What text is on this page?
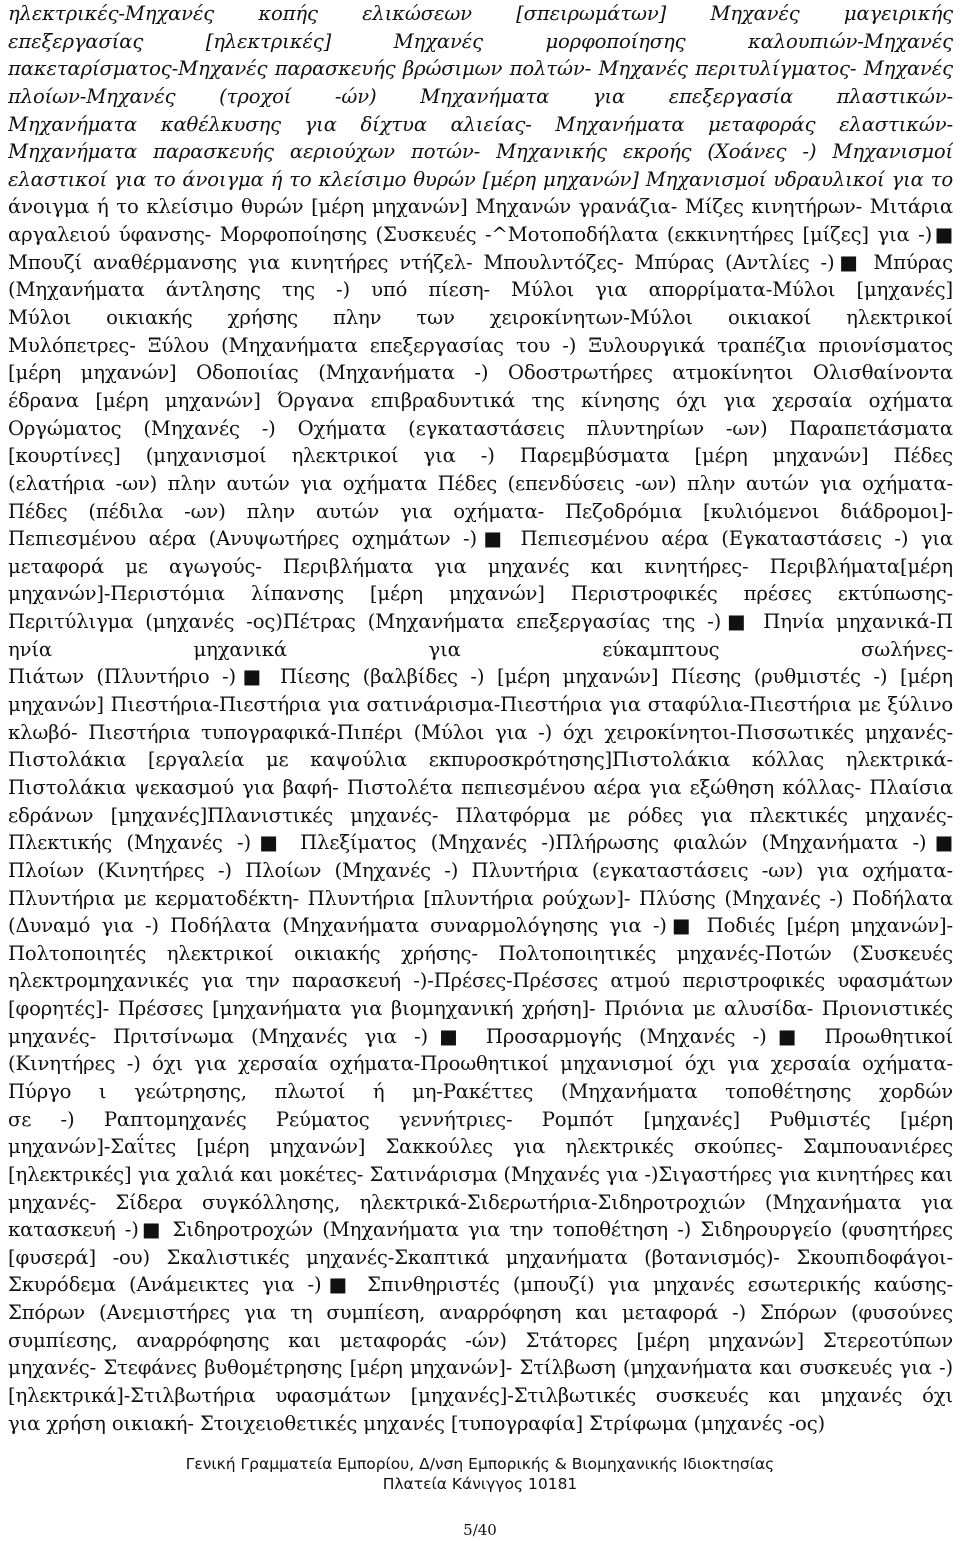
ηλεκτρικές-Μηχανές κοπής ελικώσεων [σπειρωμάτων] Μηχανές μαγειρικής
επεξεργασίας [ηλεκτρικές] Μηχανές μορφοποίησης καλουπιών-Μηχανές
πακεταρίσματος-Μηχανές παρασκευής βρώσιμων πολτών- Μηχανές περιτυλίγματος- Μηχανές
πλοίων-Μηχανές (τροχοί -ών) Μηχανήματα για επεξεργασία πλαστικών-
Μηχανήματα καθέλκυσης για δίχτυα αλιείας- Μηχανήματα μεταφοράς ελαστικών-
Μηχανήματα παρασκευής αεριούχων ποτών- Μηχανικής εκροής (Χοάνες -) Μηχανισμοί
ελαστικοί για το άνοιγμα ή το κλείσιμο θυρών [μέρη μηχανών] Μηχανισμοί υδραυλικοί για το
άνοιγμα ή το κλείσιμο θυρών [μέρη μηχανών] Μηχανών γρανάζια- Μίζες κινητήρων- Μιτάρια
αργαλειού ύφανσης- Μορφοποίησης (Συσκευές -^Μοτοποδήλατα (εκκινητήρες [μίζες] για -)■
Μπουζί αναθέρμανσης για κινητήρες ντήζελ- Μπουλντόζες- Μπύρας (Αντλίες -)■ Μπύρας
(Μηχανήματα άντλησης της -) υπό πίεση- Μύλοι για απορρίματα-Μύλοι [μηχανές]
Μύλοι οικιακής χρήσης πλην των χειροκίνητων-Μύλοι οικιακοί ηλεκτρικοί
Μυλόπετρες- Ξύλου (Μηχανήματα επεξεργασίας του -) Ξυλουργικά τραπέζια πριονίσματος
[μέρη μηχανών] Οδοποιίας (Μηχανήματα -) Οδοστρωτήρες ατμοκίνητοι Ολισθαίνοντα
έδρανα [μέρη μηχανών] Όργανα επιβραδυντικά της κίνησης όχι για χερσαία οχήματα
Οργώματος (Μηχανές -) Οχήματα (εγκαταστάσεις πλυντηρίων -ων) Παραπετάσματα
[κουρτίνες] (μηχανισμοί ηλεκτρικοί για -) Παρεμβύσματα [μέρη μηχανών] Πέδες
(ελατήρια -ων) πλην αυτών για οχήματα Πέδες (επενδύσεις -ων) πλην αυτών για οχήματα-
Πέδες (πέδιλα -ων) πλην αυτών για οχήματα- Πεζοδρόμια [κυλιόμενοι διάδρομοι]-
Πεπιεσμένου αέρα (Ανυψωτήρες οχημάτων -)■ Πεπιεσμένου αέρα (Εγκαταστάσεις -) για
μεταφορά με αγωγούς- Περιβλήματα για μηχανές και κινητήρες- Περιβλήματα[μέρη
μηχανών]-Περιστόμια λίπανσης [μέρη μηχανών] Περιστροφικές πρέσες εκτύπωσης-
Περιτύλιγμα (μηχανές -ος)Πέτρας (Μηχανήματα επεξεργασίας της -)■ Πηνία μηχανικά-Π
ηνία μηχανικά για εύκαμπτους σωλήνες-
Πιάτων (Πλυντήριο -)■ Πίεσης (βαλβίδες -) [μέρη μηχανών] Πίεσης (ρυθμιστές -) [μέρη
μηχανών] Πιεστήρια-Πιεστήρια για σατινάρισμα-Πιεστήρια για σταφύλια-Πιεστήρια με ξύλινο
κλωβό- Πιεστήρια τυπογραφικά-Πιπέρι (Μύλοι για -) όχι χειροκίνητοι-Πισσωτικές μηχανές-
Πιστολάκια [εργαλεία με καψούλια εκπυροσκρότησης]Πιστολάκια κόλλας ηλεκτρικά-
Πιστολάκια ψεκασμού για βαφή- Πιστολέτα πεπιεσμένου αέρα για εξώθηση κόλλας- Πλαίσια
εδράνων [μηχανές]Πλανιστικές μηχανές- Πλατφόρμα με ρόδες για πλεκτικές μηχανές-
Πλεκτικής (Μηχανές -)■ Πλεξίματος (Μηχανές -)Πλήρωσης φιαλών (Μηχανήματα -)■
Πλοίων (Κινητήρες -) Πλοίων (Μηχανές -) Πλυντήρια (εγκαταστάσεις -ων) για οχήματα-
Πλυντήρια με κερματοδέκτη- Πλυντήρια [πλυντήρια ρούχων]- Πλύσης (Μηχανές -) Ποδήλατα
(Δυναμό για -) Ποδήλατα (Μηχανήματα συναρμολόγησης για -)■ Ποδιές [μέρη μηχανών]-
Πολτοποιητές ηλεκτρικοί οικιακής χρήσης- Πολτοποιητικές μηχανές-Ποτών (Συσκευές
ηλεκτρομηχανικές για την παρασκευή -)-Πρέσες-Πρέσσες ατμού περιστροφικές υφασμάτων
[φορητές]- Πρέσσες [μηχανήματα για βιομηχανική χρήση]- Πριόνια με αλυσίδα- Πριονιστικές
μηχανές- Πριτσίνωμα (Μηχανές για -)■ Προσαρμογής (Μηχανές -)■ Προωθητικοί
(Κινητήρες -) όχι για χερσαία οχήματα-Προωθητικοί μηχανισμοί όχι για χερσαία οχήματα-
Πύργο ι γεώτρησης, πλωτοί ή μη-Ρακέττες (Μηχανήματα τοποθέτησης χορδών
σε -) Ραπτομηχανές Ρεύματος γεννήτριες- Ρομπότ [μηχανές] Ρυθμιστές [μέρη
μηχανών]-Σαΐτες [μέρη μηχανών] Σακκούλες για ηλεκτρικές σκούπες- Σαμπουανιέρες
[ηλεκτρικές] για χαλιά και μοκέτες- Σατινάρισμα (Μηχανές για -)Σιγαστήρες για κινητήρες και
μηχανές- Σίδερα συγκόλλησης, ηλεκτρικά-Σιδερωτήρια-Σιδηροτροχιών (Μηχανήματα για
κατασκευή -)■ Σιδηροτροχών (Μηχανήματα για την τοποθέτηση -) Σιδηρουργείο (φυσητήρες
[φυσερά] -ου) Σκαλιστικές μηχανές-Σκαπτικά μηχανήματα (βοτανισμός)- Σκουπιδοφάγοι-
Σκυρόδεμα (Ανάμεικτες για -)■ Σπινθηριστές (μπουζί) για μηχανές εσωτερικής καύσης-
Σπόρων (Ανεμιστήρες για τη συμπίεση, αναρρόφηση και μεταφορά -) Σπόρων (φυσούνες
συμπίεσης, αναρρόφησης και μεταφοράς -ών) Στάτορες [μέρη μηχανών] Στερεοτύπων
μηχανές- Στεφάνες βυθομέτρησης [μέρη μηχανών]- Στίλβωση (μηχανήματα και συσκευές για -)
[ηλεκτρικά]-Στιλβωτήρια υφασμάτων [μηχανές]-Στιλβωτικές συσκευές και μηχανές όχι
για χρήση οικιακή- Στοιχειοθετικές μηχανές [τυπογραφία] Στρίφωμα (μηχανές -ος)
Γενική Γραμματεία Εμπορίου, Δ/νση Εμπορικής & Βιομηχανικής Ιδιοκτησίας
Πλατεία Κάνιγγος 10181
5/40
